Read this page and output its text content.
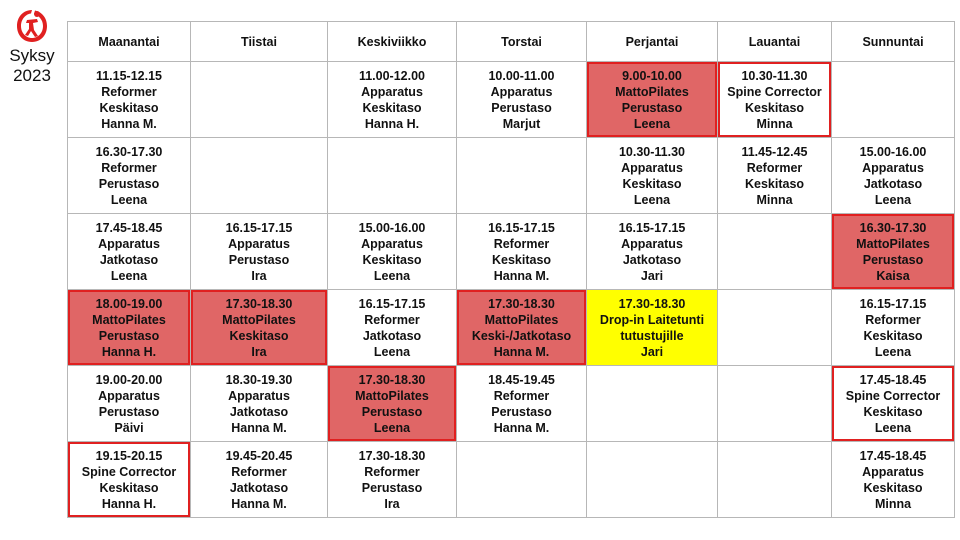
Syksy
2023
Maanantai	Tiistai	Keskiviikko	Torstai	Perjantai	Lauantai	Sunnuntai

11.15-12.15
Reformer
Keskitaso
Hanna M.		11.00-12.00
Apparatus
Keskitaso
Hanna H.	10.00-11.00
Apparatus
Perustaso
Marjut	9.00-10.00
MattoPilates
Perustaso
Leena	10.30-11.30
Spine Corrector
Keskitaso
Minna	

16.30-17.30
Reformer
Perustaso
Leena				10.30-11.30
Apparatus
Keskitaso
Leena	11.45-12.45
Reformer
Keskitaso
Minna	15.00-16.00
Apparatus
Jatkotaso
Leena

17.45-18.45
Apparatus
Jatkotaso
Leena	16.15-17.15
Apparatus
Perustaso
Ira	15.00-16.00
Apparatus
Keskitaso
Leena	16.15-17.15
Reformer
Keskitaso
Hanna M.	16.15-17.15
Apparatus
Jatkotaso
Jari		16.30-17.30
MattoPilates
Perustaso
Kaisa

18.00-19.00
MattoPilates
Perustaso
Hanna H.	17.30-18.30
MattoPilates
Keskitaso
Ira	16.15-17.15
Reformer
Jatkotaso
Leena	17.30-18.30
MattoPilates
Keski-/Jatkotaso
Hanna M.	17.30-18.30
Drop-in Laitetunti
tutustujille
Jari		16.15-17.15
Reformer
Keskitaso
Leena

19.00-20.00
Apparatus
Perustaso
Päivi	18.30-19.30
Apparatus
Jatkotaso
Hanna M.	17.30-18.30
MattoPilates
Perustaso
Leena	18.45-19.45
Reformer
Perustaso
Hanna M.			17.45-18.45
Spine Corrector
Keskitaso
Leena

19.15-20.15
Spine Corrector
Keskitaso
Hanna H.	19.45-20.45
Reformer
Jatkotaso
Hanna M.	17.30-18.30
Reformer
Perustaso
Ira				17.45-18.45
Apparatus
Keskitaso
Minna
